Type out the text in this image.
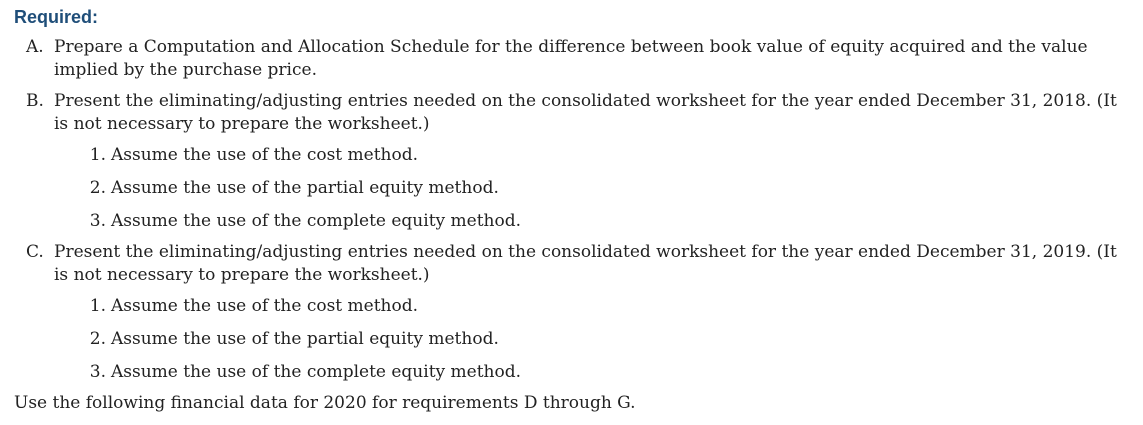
Required:
A. Prepare a Computation and Allocation Schedule for the difference between book value of equity acquired and the value implied by the purchase price.
B. Present the eliminating/adjusting entries needed on the consolidated worksheet for the year ended December 31, 2018. (It is not necessary to prepare the worksheet.)
1. Assume the use of the cost method.
2. Assume the use of the partial equity method.
3. Assume the use of the complete equity method.
C. Present the eliminating/adjusting entries needed on the consolidated worksheet for the year ended December 31, 2019. (It is not necessary to prepare the worksheet.)
1. Assume the use of the cost method.
2. Assume the use of the partial equity method.
3. Assume the use of the complete equity method.

Use the following financial data for 2020 for requirements D through G.
